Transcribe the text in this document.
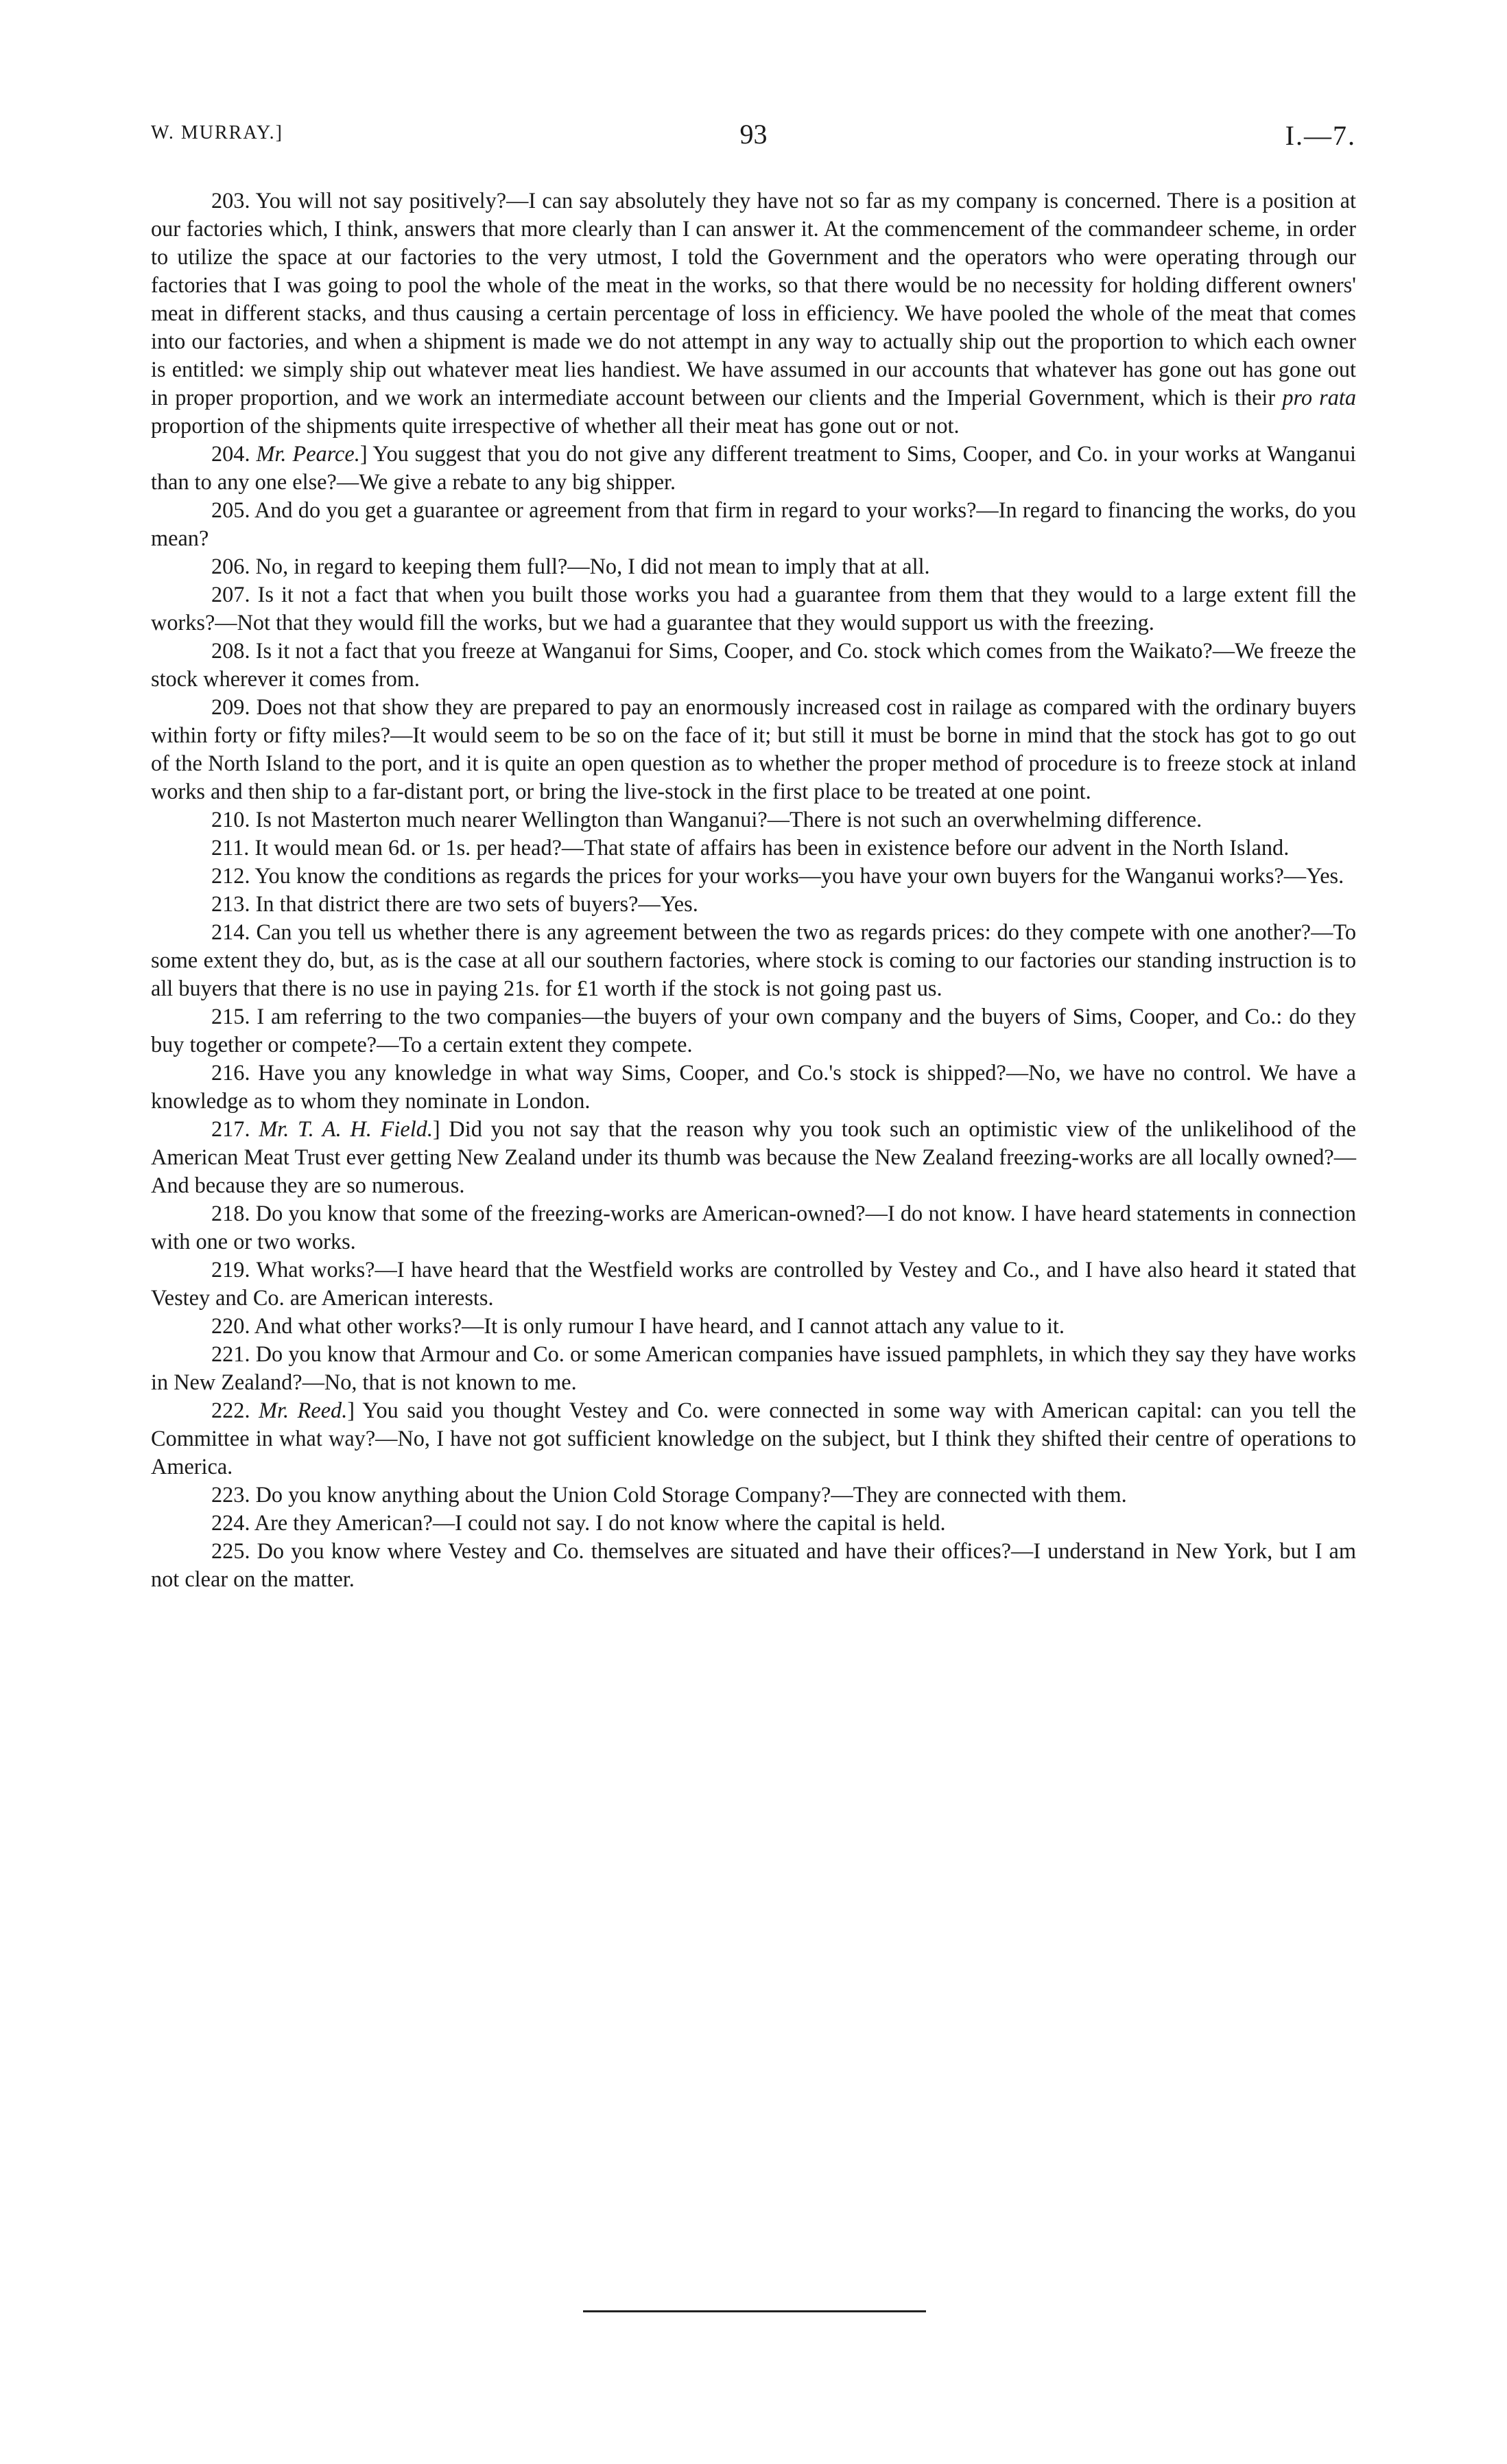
W. MURRAY.]	93	I.—7.

203. You will not say positively?—I can say absolutely they have not so far as my company is concerned. There is a position at our factories which, I think, answers that more clearly than I can answer it. At the commencement of the commandeer scheme, in order to utilize the space at our factories to the very utmost, I told the Government and the operators who were operating through our factories that I was going to pool the whole of the meat in the works, so that there would be no necessity for holding different owners' meat in different stacks, and thus causing a certain percentage of loss in efficiency. We have pooled the whole of the meat that comes into our factories, and when a shipment is made we do not attempt in any way to actually ship out the proportion to which each owner is entitled: we simply ship out whatever meat lies handiest. We have assumed in our accounts that whatever has gone out has gone out in proper proportion, and we work an intermediate account between our clients and the Imperial Government, which is their pro rata proportion of the shipments quite irrespective of whether all their meat has gone out or not.

204. Mr. Pearce.] You suggest that you do not give any different treatment to Sims, Cooper, and Co. in your works at Wanganui than to any one else?—We give a rebate to any big shipper.

205. And do you get a guarantee or agreement from that firm in regard to your works?—In regard to financing the works, do you mean?

206. No, in regard to keeping them full?—No, I did not mean to imply that at all.

207. Is it not a fact that when you built those works you had a guarantee from them that they would to a large extent fill the works?—Not that they would fill the works, but we had a guarantee that they would support us with the freezing.

208. Is it not a fact that you freeze at Wanganui for Sims, Cooper, and Co. stock which comes from the Waikato?—We freeze the stock wherever it comes from.

209. Does not that show they are prepared to pay an enormously increased cost in railage as compared with the ordinary buyers within forty or fifty miles?—It would seem to be so on the face of it; but still it must be borne in mind that the stock has got to go out of the North Island to the port, and it is quite an open question as to whether the proper method of procedure is to freeze stock at inland works and then ship to a far-distant port, or bring the live-stock in the first place to be treated at one point.

210. Is not Masterton much nearer Wellington than Wanganui?—There is not such an overwhelming difference.

211. It would mean 6d. or 1s. per head?—That state of affairs has been in existence before our advent in the North Island.

212. You know the conditions as regards the prices for your works—you have your own buyers for the Wanganui works?—Yes.

213. In that district there are two sets of buyers?—Yes.

214. Can you tell us whether there is any agreement between the two as regards prices: do they compete with one another?—To some extent they do, but, as is the case at all our southern factories, where stock is coming to our factories our standing instruction is to all buyers that there is no use in paying 21s. for £1 worth if the stock is not going past us.

215. I am referring to the two companies—the buyers of your own company and the buyers of Sims, Cooper, and Co.: do they buy together or compete?—To a certain extent they compete.

216. Have you any knowledge in what way Sims, Cooper, and Co.'s stock is shipped?—No, we have no control. We have a knowledge as to whom they nominate in London.

217. Mr. T. A. H. Field.] Did you not say that the reason why you took such an optimistic view of the unlikelihood of the American Meat Trust ever getting New Zealand under its thumb was because the New Zealand freezing-works are all locally owned?—And because they are so numerous.

218. Do you know that some of the freezing-works are American-owned?—I do not know. I have heard statements in connection with one or two works.

219. What works?—I have heard that the Westfield works are controlled by Vestey and Co., and I have also heard it stated that Vestey and Co. are American interests.

220. And what other works?—It is only rumour I have heard, and I cannot attach any value to it.

221. Do you know that Armour and Co. or some American companies have issued pamphlets, in which they say they have works in New Zealand?—No, that is not known to me.

222. Mr. Reed.] You said you thought Vestey and Co. were connected in some way with American capital: can you tell the Committee in what way?—No, I have not got sufficient knowledge on the subject, but I think they shifted their centre of operations to America.

223. Do you know anything about the Union Cold Storage Company?—They are connected with them.

224. Are they American?—I could not say. I do not know where the capital is held.

225. Do you know where Vestey and Co. themselves are situated and have their offices?—I understand in New York, but I am not clear on the matter.
